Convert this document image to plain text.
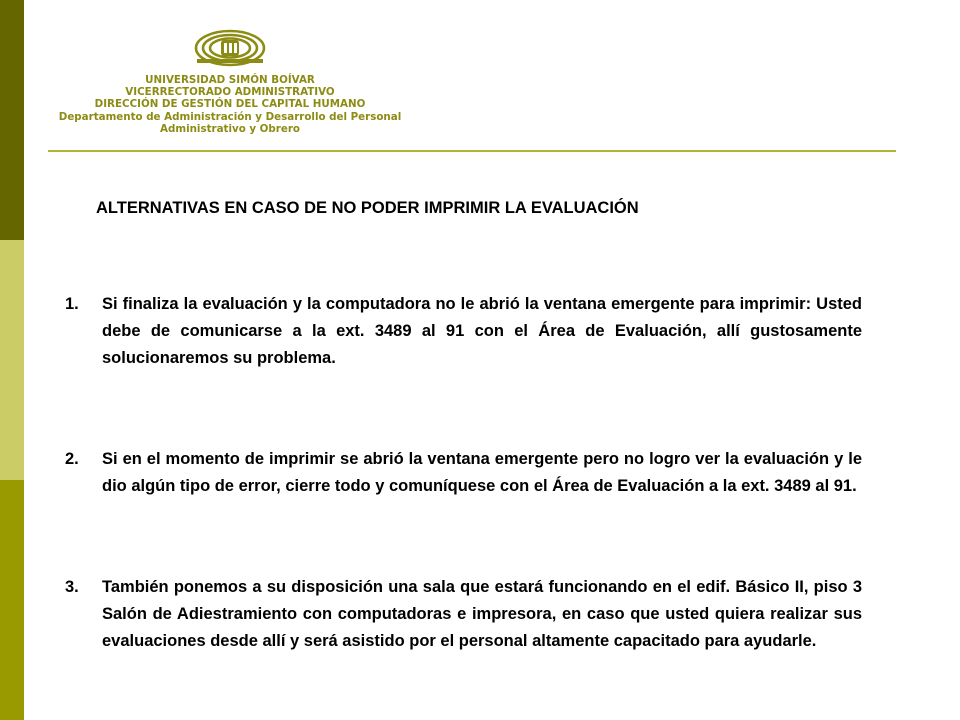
UNIVERSIDAD SIMÓN BOÍVAR
VICERRECTORADO ADMINISTRATIVO
DIRECCIÓN DE GESTIÓN DEL CAPITAL HUMANO
Departamento de Administración y Desarrollo del Personal
Administrativo y Obrero
ALTERNATIVAS EN CASO DE NO PODER IMPRIMIR LA EVALUACIÓN
1. Si finaliza la evaluación y la computadora no le abrió la ventana emergente para imprimir: Usted debe de comunicarse a la ext. 3489 al 91 con el Área de Evaluación, allí gustosamente solucionaremos su problema.
2. Si en el momento de imprimir se abrió la ventana emergente pero no logro ver la evaluación y le dio algún tipo de error, cierre todo y comuníquese con el Área de Evaluación a la ext. 3489 al 91.
3. También ponemos a su disposición una sala que estará funcionando en el edif. Básico II, piso 3 Salón de Adiestramiento con computadoras e impresora, en caso que usted quiera realizar sus evaluaciones desde allí y será asistido por el personal altamente capacitado para ayudarle.
